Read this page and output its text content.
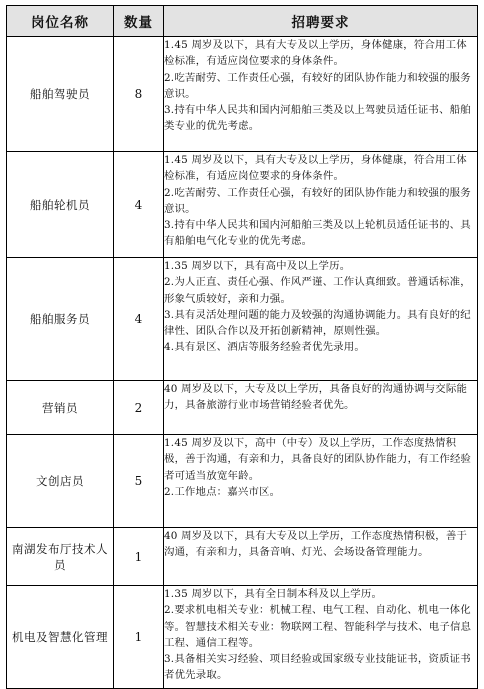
岗位名称	数量	招聘要求
船舶驾驶员	8	1.45 周岁及以下，具有大专及以上学历，身体健康，符合用工体检标准，有适应岗位要求的身体条件。

2.吃苦耐劳、工作责任心强，有较好的团队协作能力和较强的服务意识。

3.持有中华人民共和国内河船舶三类及以上驾驶员适任证书、船舶类专业的优先考虑。

船舶轮机员	4	1.45 周岁及以下，具有大专及以上学历，身体健康，符合用工体检标准，有适应岗位要求的身体条件。

2.吃苦耐劳、工作责任心强，有较好的团队协作能力和较强的服务意识。

3.持有中华人民共和国内河船舶三类及以上轮机员适任证书的、具有船舶电气化专业的优先考虑。

船舶服务员	4	1.35 周岁以下，具有高中及以上学历。

2.为人正直、责任心强、作风严谨、工作认真细致。普通话标准，形象气质较好，亲和力强。

3.具有灵活处理问题的能力及较强的沟通协调能力。具有良好的纪律性、团队合作以及开拓创新精神，原则性强。

4.具有景区、酒店等服务经验者优先录用。

营销员	2	40 周岁及以下，大专及以上学历，具备良好的沟通协调与交际能力，具备旅游行业市场营销经验者优先。

文创店员	5	1.45 周岁及以下，高中（中专）及以上学历，工作态度热情积极，善于沟通，有亲和力，具备良好的团队协作能力，有工作经验者可适当放宽年龄。

2.工作地点：嘉兴市区。

南湖发布厅技术人员	1	40 周岁及以下，具有大专及以上学历，工作态度热情积极，善于沟通，有亲和力，具备音响、灯光、会场设备管理能力。

机电及智慧化管理	1	1.35 周岁以下，具有全日制本科及以上学历。

2.要求机电相关专业：机械工程、电气工程、自动化、机电一体化等。智慧技术相关专业：物联网工程、智能科学与技术、电子信息工程、通信工程等。

3.具备相关实习经验、项目经验或国家级专业技能证书，资质证书者优先录取。
